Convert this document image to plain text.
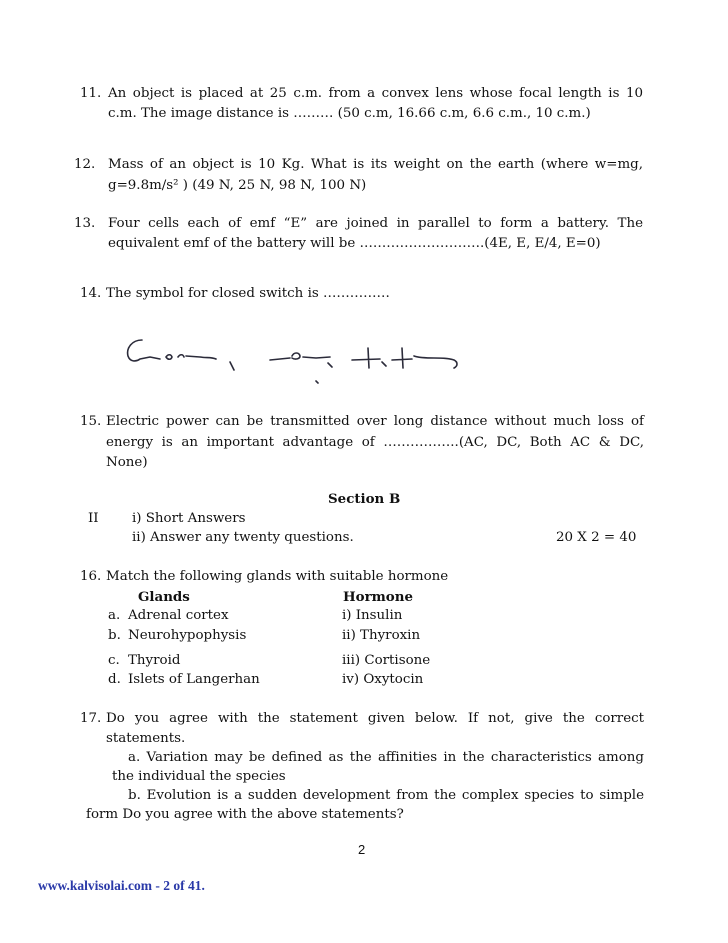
11. An object is placed at 25 c.m. from a convex lens whose focal length is 10
c.m. The image distance is ……… (50 c.m, 16.66 c.m, 6.6 c.m., 10 c.m.)
12. Mass of an object is 10 Kg. What is its weight on the earth (where w=mg,
g=9.8m/s² ) (49 N, 25 N, 98 N, 100 N)
13. Four cells each of emf “E” are joined in parallel to form a battery. The
equivalent emf of the battery will be ……………………….(4E, E, E/4, E=0)
14. The symbol for closed switch is ……………
15. Electric power can be transmitted over long distance without much loss of
energy is an important advantage of ……………..(AC, DC, Both AC & DC,
None)
Section B
II i) Short Answers
ii) Answer any twenty questions.	20 X 2 = 40
16. Match the following glands with suitable hormone
Glands	Hormone
a. Adrenal cortex	i) Insulin
b. Neurohypophysis	ii) Thyroxin
c. Thyroid	iii) Cortisone
d. Islets of Langerhan	iv) Oxytocin
17. Do you agree with the statement given below. If not, give the correct
statements.
a. Variation may be defined as the affinities in the characteristics among
the individual the species
b. Evolution is a sudden development from the complex species to simple
form Do you agree with the above statements?
2
www.kalvisolai.com - 2 of 41.
